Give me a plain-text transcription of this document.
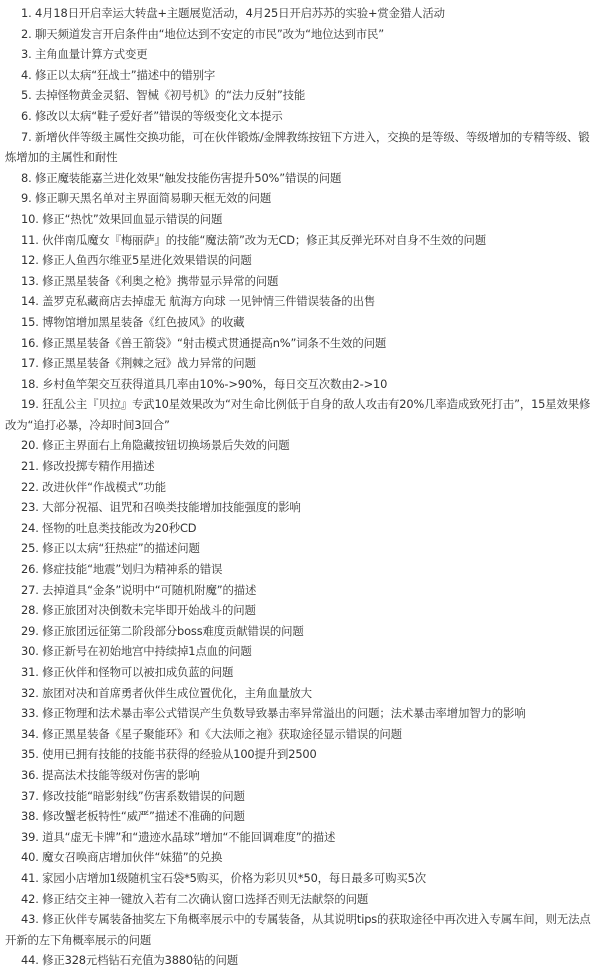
1. 4月18日开启幸运大转盘+主题展览活动，4月25日开启苏苏的实验+赏金猎人活动

2. 聊天频道发言开启条件由“地位达到不安定的市民”改为“地位达到市民”

3. 主角血量计算方式变更

4. 修正以太病“狂战士”描述中的错别字

5. 去掉怪物黄金灵貂、智械《初号机》的“法力反射”技能

6. 修改以太病“鞋子爱好者”错误的等级变化文本提示

7. 新增伙伴等级主属性交换功能，可在伙伴锻炼/金牌教练按钮下方进入，交换的是等级、等级增加的专精等级、锻炼增加的主属性和耐性

8. 修正魔装能嘉兰进化效果“触发技能伤害提升50%”错误的问题

9. 修正聊天黑名单对主界面简易聊天框无效的问题

10. 修正“热忱”效果回血显示错误的问题

11. 伙伴南瓜魔女『梅丽萨』的技能“魔法箭”改为无CD；修正其反弹光环对自身不生效的问题

12. 修正人鱼西尔维亚5星进化效果错误的问题

13. 修正黑星装备《利奥之枪》携带显示异常的问题

14. 盖罗克私藏商店去掉虚无 航海方向球 一见钟情三件错误装备的出售

15. 博物馆增加黑星装备《红色披风》的收藏

16. 修正黑星装备《兽王箭袋》“射击模式贯通提高n%”词条不生效的问题

17. 修正黑星装备《荆棘之冠》战力异常的问题

18. 乡村鱼竿架交互获得道具几率由10%->90%，每日交互次数由2->10

19. 狂乱公主『贝拉』专武10星效果改为“对生命比例低于自身的敌人攻击有20%几率造成致死打击”，15星效果修改为“追打必暴，冷却时间3回合”

20. 修正主界面右上角隐藏按钮切换场景后失效的问题

21. 修改投掷专精作用描述

22. 改进伙伴“作战模式”功能

23. 大部分祝福、诅咒和召唤类技能增加技能强度的影响

24. 怪物的吐息类技能改为20秒CD

25. 修正以太病“狂热症”的描述问题

26. 修症技能“地震”划归为精神系的错误

27. 去掉道具“金条”说明中“可随机附魔”的描述

28. 修正旅团对决倒数未完毕即开始战斗的问题

29. 修正旅团远征第二阶段部分boss难度贡献错误的问题

30. 修正新号在初始地宫中持续掉1点血的问题

31. 修正伙伴和怪物可以被扣成负蓝的问题

32. 旅团对决和首席勇者伙伴生成位置优化，主角血量放大

33. 修正物理和法术暴击率公式错误产生负数导致暴击率异常溢出的问题；法术暴击率增加智力的影响

34. 修正黑星装备《星子聚能环》和《大法师之袍》获取途径显示错误的问题

35. 使用已拥有技能的技能书获得的经验从100提升到2500

36. 提高法术技能等级对伤害的影响

37. 修改技能“暗影射线”伤害系数错误的问题

38. 修改蟹老板特性“威严”描述不准确的问题

39. 道具“虚无卡牌”和“遗迹水晶球”增加“不能回调难度”的描述

40. 魔女召唤商店增加伙伴“妹猫”的兑换

41. 家园小店增加1级随机宝石袋*5购买，价格为彩贝贝*50，每日最多可购买5次

42. 修正结交主神一键放入若有二次确认窗口选择否则无法献祭的问题

43. 修正伙伴专属装备抽奖左下角概率展示中的专属装备，从其说明tips的获取途径中再次进入专属车间，则无法点开新的左下角概率展示的问题

44. 修正328元档钻石充值为3880钻的问题
